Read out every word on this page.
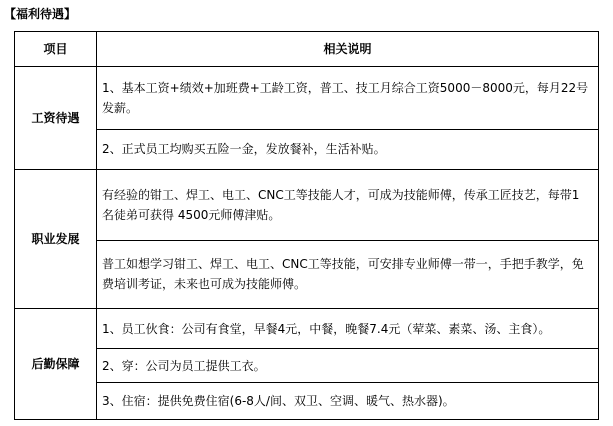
【福利待遇】
项目	相关说明
工资待遇	1、基本工资+绩效+加班费+工龄工资，普工、技工月综合工资5000－8000元，每月22号发薪。
	2、正式员工均购买五险一金，发放餐补，生活补贴。
职业发展	有经验的钳工、焊工、电工、CNC工等技能人才，可成为技能师傅，传承工匠技艺，每带1名徒弟可获得 4500元师傅津贴。
	普工如想学习钳工、焊工、电工、CNC工等技能，可安排专业师傅一带一，手把手教学，免费培训考证，未来也可成为技能师傅。
后勤保障	1、员工伙食：公司有食堂，早餐4元，中餐，晚餐7.4元（荤菜、素菜、汤、主食）。
	2、穿：公司为员工提供工衣。
	3、住宿：提供免费住宿(6-8人/间、双卫、空调、暖气、热水器)。
